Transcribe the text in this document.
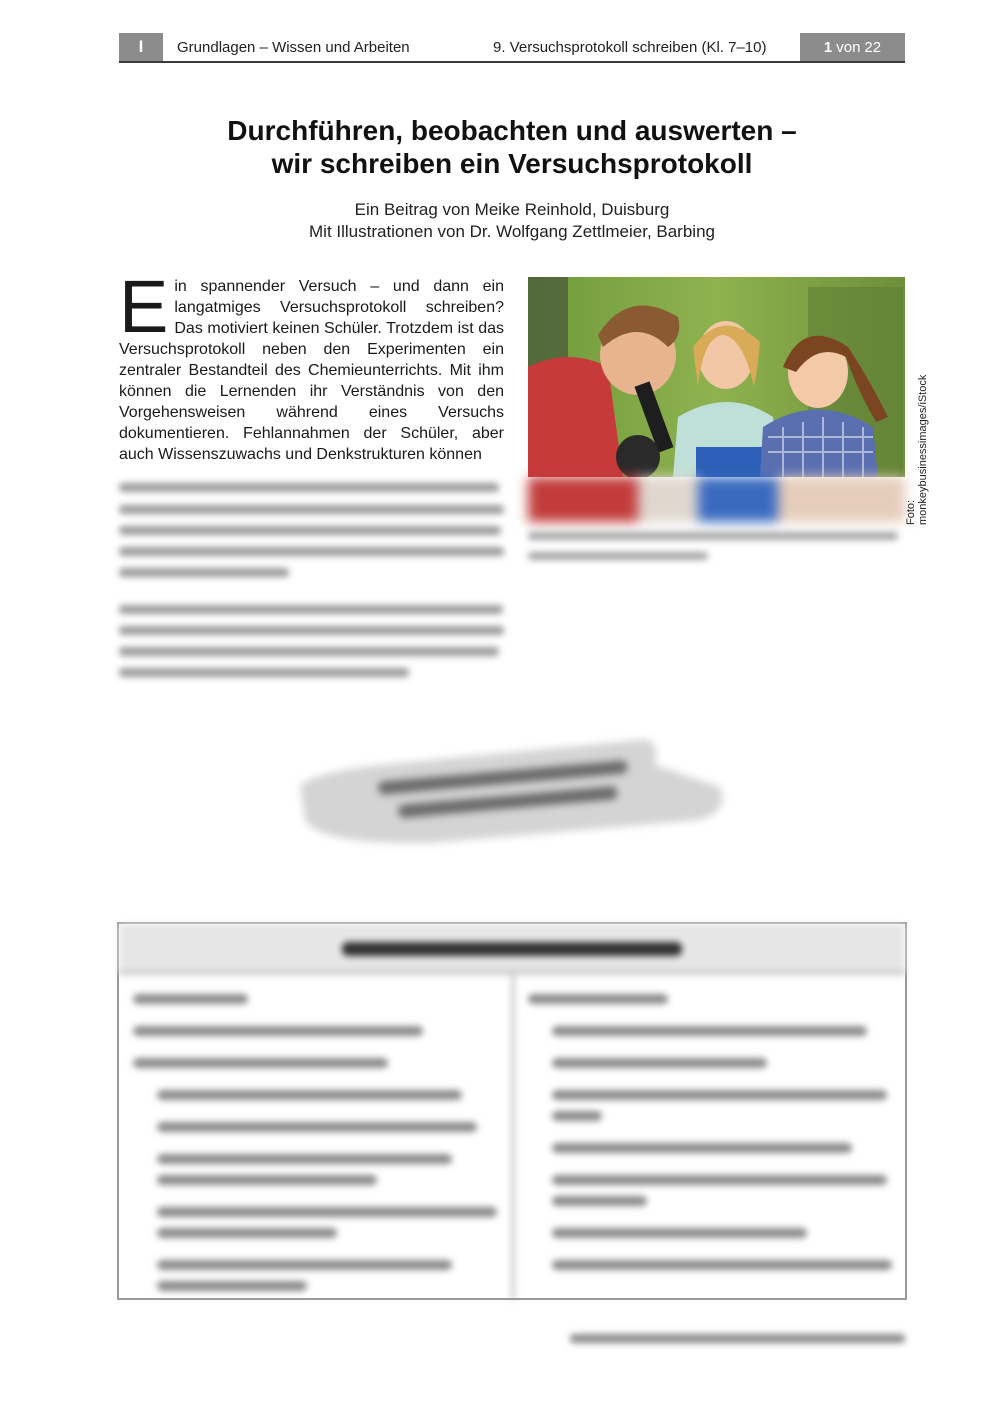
I	Grundlagen – Wissen und Arbeiten	9. Versuchsprotokoll schreiben (Kl. 7–10)	1 von 22
Durchführen, beobachten und auswerten –
wir schreiben ein Versuchsprotokoll
Ein Beitrag von Meike Reinhold, Duisburg
Mit Illustrationen von Dr. Wolfgang Zettlmeier, Barbing

Ein spannender Versuch – und dann ein langatmiges Versuchsprotokoll schreiben? Das motiviert keinen Schüler. Trotzdem ist das Versuchsprotokoll neben den Experimenten ein zentraler Bestandteil des Chemieunterrichts. Mit ihm können die Lernenden ihr Verständnis von den Vorgehensweisen während eines Versuchs dokumentieren. Fehlannahmen der Schüler, aber auch Wissenszuwachs und Denkstrukturen können

Foto: monkeybusinessimages/iStock
